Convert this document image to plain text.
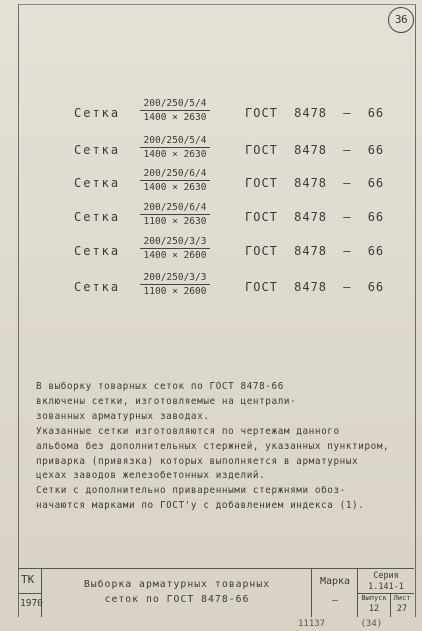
36
Сетка $\frac{200/250/5/4}{1400 \times 2630}$	ГОСТ 8478 – 66
Сетка $\frac{200/250/5/4}{1400 \times 2630}$	ГОСТ 8478 – 66
Сетка $\frac{200/250/6/4}{1400 \times 2630}$	ГОСТ 8478 – 66
Сетка $\frac{200/250/6/4}{1100 \times 2630}$	ГОСТ 8478 – 66
Сетка $\frac{200/250/3/3}{1400 \times 2600}$	ГОСТ 8478 – 66
Сетка $\frac{200/250/3/3}{1100 \times 2600}$	ГОСТ 8478 – 66

В выборку товарных сеток по ГОСТ 8478-66

включены сетки, изготовляемые на централи-

зованных арматурных заводах.

Указанные сетки изготовляются по чертежам данного

альбома без дополнительных стержней, указанных пунктиром,

приварка (привязка) которых выполняется в арматурных

цехах заводов железобетонных изделий.

Сетки с дополнительно приваренными стержнями обоз-

начаются марками по ГОСТ'у с добавлением индекса (1).

ТК
1970
Выборка арматурных товарных
сеток по ГОСТ 8478-66
Марка
—
Серия
1.141-1
Выпуск Лист
12	27
11137	(34)
